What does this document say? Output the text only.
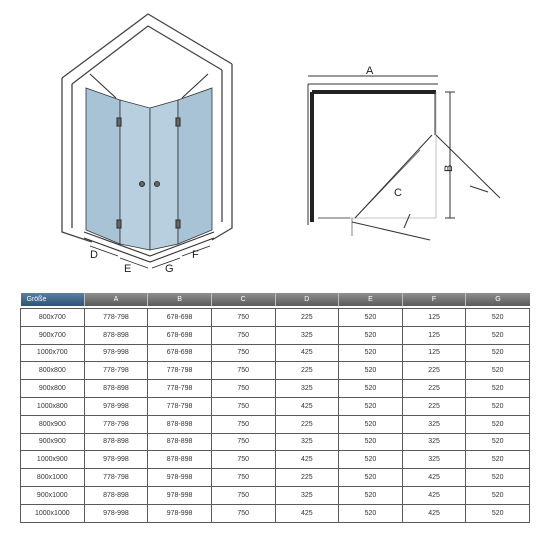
D
E	G
F
A
B
C
Größe	A	B	C	D	E	F	G

800x700	778-798	678-698	750	225	520	125	520
900x700	878-898	678-698	750	325	520	125	520
1000x700	978-998	678-698	750	425	520	125	520
800x800	778-798	778-798	750	225	520	225	520
900x800	878-898	778-798	750	325	520	225	520
1000x800	978-998	778-798	750	425	520	225	520
800x900	778-798	878-898	750	225	520	325	520
900x900	878-898	878-898	750	325	520	325	520
1000x900	978-998	878-898	750	425	520	325	520
800x1000	778-798	978-998	750	225	520	425	520
900x1000	878-898	978-998	750	325	520	425	520
1000x1000	978-998	978-998	750	425	520	425	520
